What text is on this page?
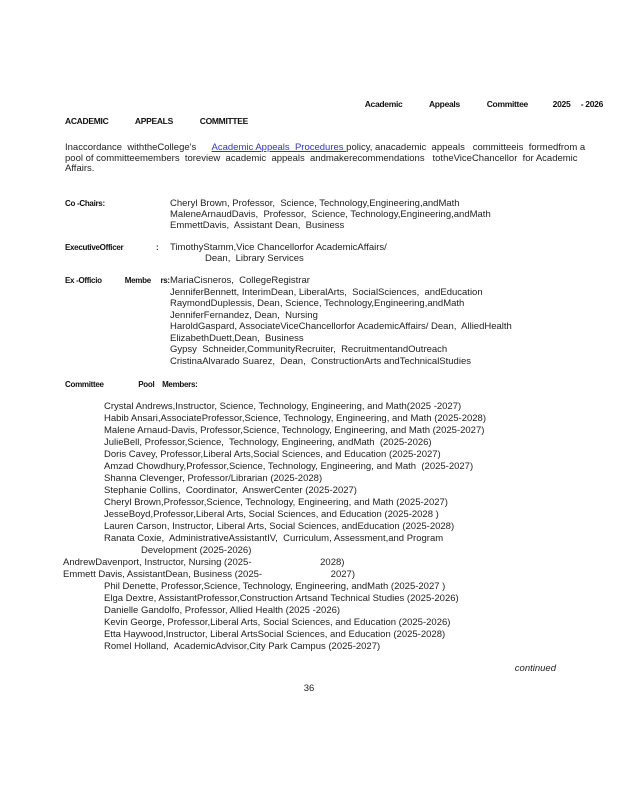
Academic             Appeals             Committee            2025     - 2026
ACADEMIC             APPEALS             COMMITTEE
Inaccordance  withtheCollege's      Academic Appeals  Procedures policy, anacademic  appeals   committeeis  formedfrom a
pool of committeemembers  toreview  academic  appeals  andmakerecommendations   totheViceChancellor  for Academic
Affairs.
Co -Chairs:	Cheryl Brown, Professor,  Science, Technology,Engineering,andMath
MaleneArnaudDavis,  Professor,  Science, Technology,Engineering,andMath
EmmettDavis,  Assistant Dean,  Business
ExecutiveOfficer                 : TimothyStamm,Vice Chancellorfor AcademicAffairs/
Dean,  Library Services
Ex -Officio            Membe     rs: MariaCisneros,  CollegeRegistrar
JenniferBennett, InterimDean, LiberalArts,  SocialSciences,  andEducation
RaymondDuplessis, Dean, Science, Technology,Engineering,andMath
JenniferFernandez, Dean,  Nursing
HaroldGaspard, AssociateViceChancellorfor AcademicAffairs/ Dean,  AlliedHealth
ElizabethDuett,Dean,  Business
Gypsy  Schneider,CommunityRecruiter,  RecruitmentandOutreach
CristinaAlvarado Suarez,  Dean,  ConstructionArts andTechnicalStudies
Committee                  Pool    Members:
Crystal Andrews,Instructor, Science, Technology, Engineering, and Math(2025 -2027)
Habib Ansari,AssociateProfessor,Science, Technology, Engineering, and Math (2025-2028)
Malene Arnaud-Davis, Professor,Science, Technology, Engineering, and Math (2025-2027)
JulieBell, Professor,Science,  Technology, Engineering, andMath  (2025-2026)
Doris Cavey, Professor,Liberal Arts,Social Sciences, and Education (2025-2027)
Amzad Chowdhury,Professor,Science, Technology, Engineering, and Math  (2025-2027)
Shanna Clevenger, Professor/Librarian (2025-2028)
Stephanie Collins,  Coordinator,  AnswerCenter (2025-2027)
Cheryl Brown,Professor,Science, Technology, Engineering, and Math (2025-2027)
JesseBoyd,Professor,Liberal Arts, Social Sciences, and Education (2025-2028 )
Lauren Carson, Instructor, Liberal Arts, Social Sciences, andEducation (2025-2028)
Ranata Coxie,  AdministrativeAssistantIV,  Curriculum, Assessment,and Program
Development (2025-2026)
AndrewDavenport, Instructor, Nursing (2025-                          2028)
Emmett Davis, AssistantDean, Business (2025-                          2027)
Phil Denette, Professor,Science, Technology, Engineering, andMath (2025-2027 )
Elga Dextre, AssistantProfessor,Construction Artsand Technical Studies (2025-2026)
Danielle Gandolfo, Professor, Allied Health (2025 -2026)
Kevin George, Professor,Liberal Arts, Social Sciences, and Education (2025-2026)
Etta Haywood,Instructor, Liberal ArtsSocial Sciences, and Education (2025-2028)
Romel Holland,  AcademicAdvisor,City Park Campus (2025-2027)
continued
36
